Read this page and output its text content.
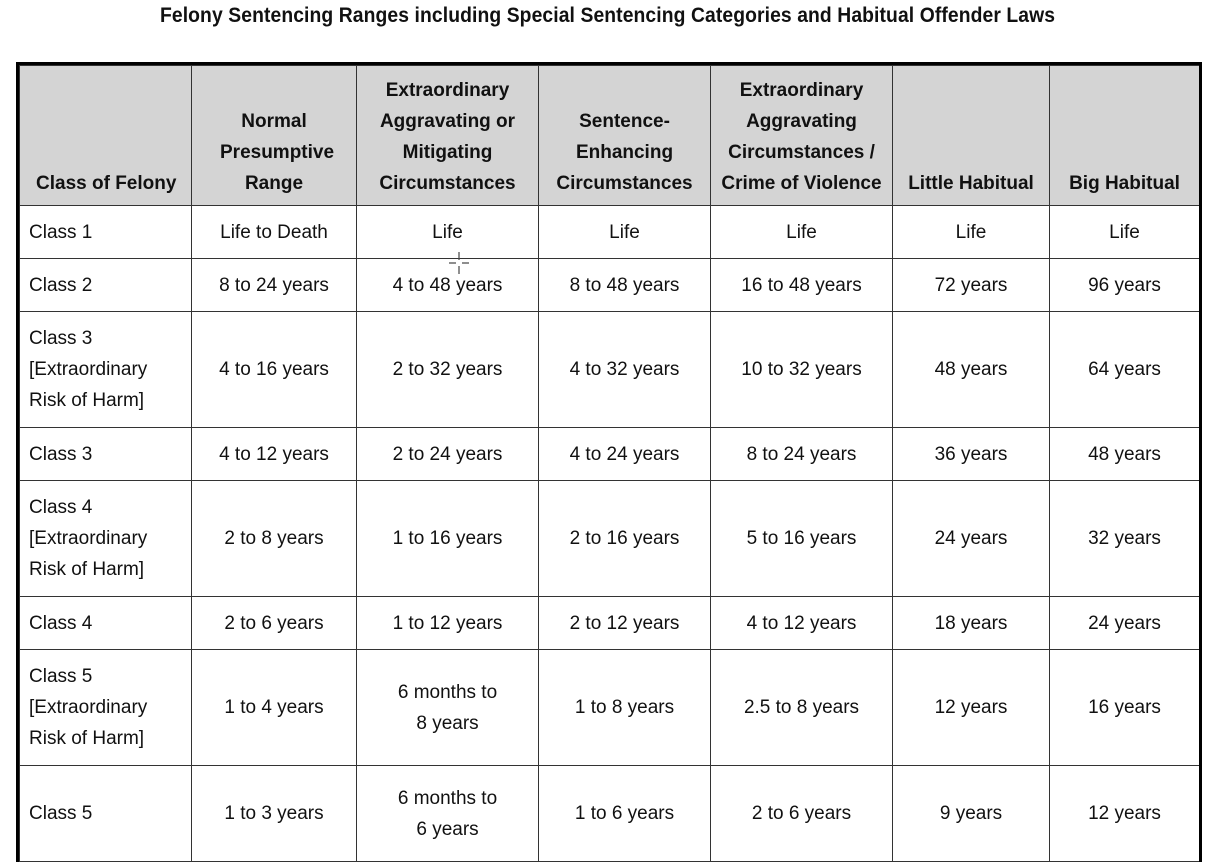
Felony Sentencing Ranges including Special Sentencing Categories and Habitual Offender Laws
Class of Felony	Normal Presumptive Range	Extraordinary Aggravating or Mitigating Circumstances	Sentence-Enhancing Circumstances	Extraordinary Aggravating Circumstances / Crime of Violence	Little Habitual	Big Habitual
Class 1	Life to Death	Life	Life	Life	Life	Life
Class 2	8 to 24 years	4 to 48 years	8 to 48 years	16 to 48 years	72 years	96 years
Class 3 [Extraordinary Risk of Harm]	4 to 16 years	2 to 32 years	4 to 32 years	10 to 32 years	48 years	64 years
Class 3	4 to 12 years	2 to 24 years	4 to 24 years	8 to 24 years	36 years	48 years
Class 4 [Extraordinary Risk of Harm]	2 to 8 years	1 to 16 years	2 to 16 years	5 to 16 years	24 years	32 years
Class 4	2 to 6 years	1 to 12 years	2 to 12 years	4 to 12 years	18 years	24 years
Class 5 [Extraordinary Risk of Harm]	1 to 4 years	6 months to 8 years	1 to 8 years	2.5 to 8 years	12 years	16 years
Class 5	1 to 3 years	6 months to 6 years	1 to 6 years	2 to 6 years	9 years	12 years
